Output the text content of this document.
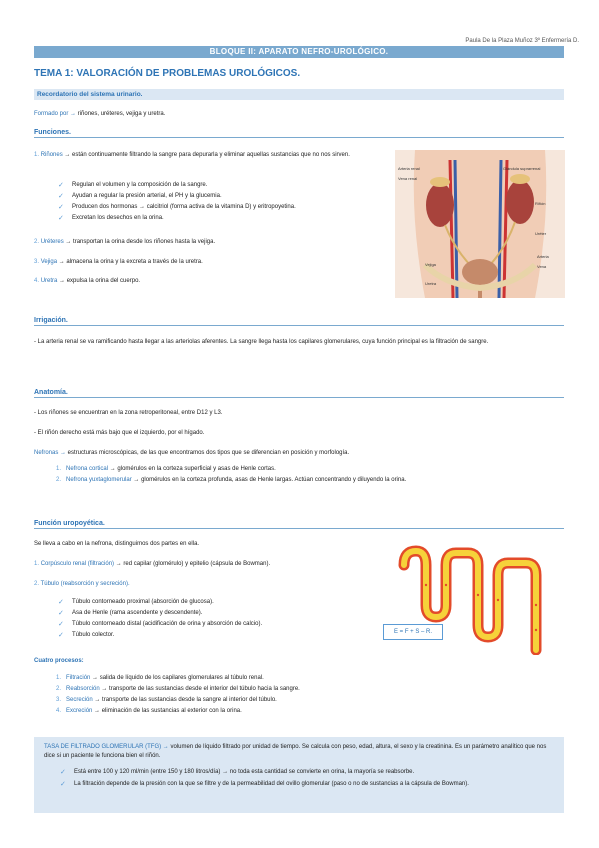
Paula De la Plaza Muñoz 3º Enfermería D.
BLOQUE II: APARATO NEFRO-UROLÓGICO.
TEMA 1: VALORACIÓN DE PROBLEMAS UROLÓGICOS.
Recordatorio del sistema urinario.
Formado por → riñones, uréteres, vejiga y uretra.
Funciones.
1. Riñones → están continuamente filtrando la sangre para depurarla y eliminar aquellas sustancias que no nos sirven.
✓ Regulan el volumen y la composición de la sangre.
✓ Ayudan a regular la presión arterial, el PH y la glucemia.
✓ Producen dos hormonas → calcitriol (forma activa de la vitamina D) y eritropoyetina.
✓ Excretan los desechos en la orina.
2. Uréteres → transportan la orina desde los riñones hasta la vejiga.
3. Vejiga → almacena la orina y la excreta a través de la uretra.
4. Uretra → expulsa la orina del cuerpo.
Arteria renal
Vena renal
Riñón
Uréter
Vejiga
Uretra
Glándula suprarrenal
Arteria
Vena
Irrigación.
- La arteria renal se va ramificando hasta llegar a las arteriolas aferentes. La sangre llega hasta los capilares glomerulares, cuya función principal es la filtración de sangre.
Anatomía.
- Los riñones se encuentran en la zona retroperitoneal, entre D12 y L3.
- El riñón derecho está más bajo que el izquierdo, por el hígado.
Nefronas → estructuras microscópicas, de las que encontramos dos tipos que se diferencian en posición y morfología.
1. Nefrona cortical → glomérulos en la corteza superficial y asas de Henle cortas.
2. Nefrona yuxtaglomerular → glomérulos en la corteza profunda, asas de Henle largas. Actúan concentrando y diluyendo la orina.
Función uropoyética.
Se lleva a cabo en la nefrona, distinguimos dos partes en ella.
1. Corpúsculo renal (filtración) → red capilar (glomérulo) y epitelio (cápsula de Bowman).
2. Túbulo (reabsorción y secreción).
✓ Túbulo contorneado proximal (absorción de glucosa).
✓ Asa de Henle (rama ascendente y descendente).
✓ Túbulo contorneado distal (acidificación de orina y absorción de calcio).
✓ Túbulo colector.	E = F + S – R.
Cuatro procesos:
1. Filtración → salida de líquido de los capilares glomerulares al túbulo renal.
2. Reabsorción → transporte de las sustancias desde el interior del túbulo hacia la sangre.
3. Secreción → transporte de las sustancias desde la sangre al interior del túbulo.
4. Excreción → eliminación de las sustancias al exterior con la orina.
TASA DE FILTRADO GLOMERULAR (TFG) → volumen de líquido filtrado por unidad de tiempo. Se calcula con peso, edad, altura, el sexo y la creatinina. Es un parámetro analítico que nos dice si un paciente le funciona bien el riñón.
✓ Está entre 100 y 120 ml/min (entre 150 y 180 litros/día) → no toda esta cantidad se convierte en orina, la mayoría se reabsorbe.
✓ La filtración depende de la presión con la que se filtre y de la permeabilidad del ovillo glomerular (paso o no de sustancias a la cápsula de Bowman).
